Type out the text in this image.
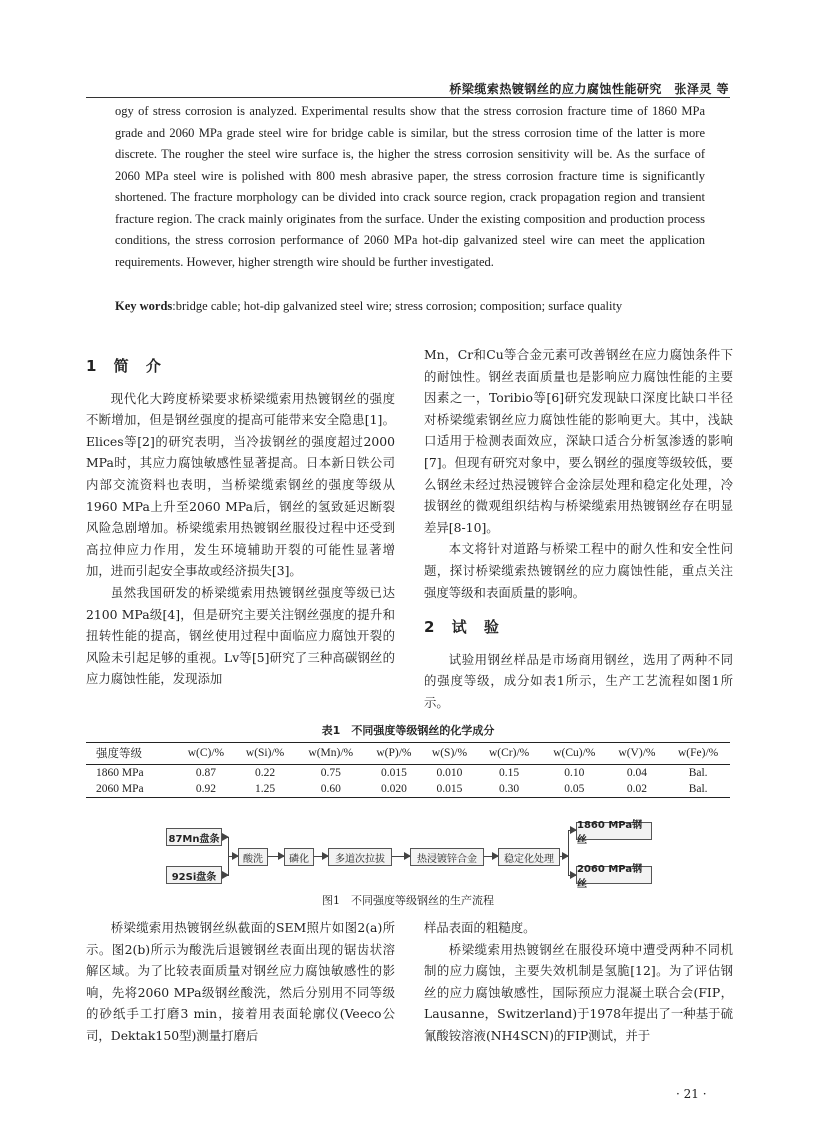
桥梁缆索热镀钢丝的应力腐蚀性能研究　张泽灵 等
ogy of stress corrosion is analyzed. Experimental results show that the stress corrosion fracture time of 1860 MPa grade and 2060 MPa grade steel wire for bridge cable is similar, but the stress corrosion time of the latter is more discrete. The rougher the steel wire surface is, the higher the stress corrosion sensitivity will be. As the surface of 2060 MPa steel wire is polished with 800 mesh abrasive paper, the stress corrosion fracture time is significantly shortened. The fracture morphology can be divided into crack source region, crack propagation region and transient fracture region. The crack mainly originates from the surface. Under the existing composition and production process conditions, the stress corrosion performance of 2060 MPa hot-dip galvanized steel wire can meet the application requirements. However, higher strength wire should be further investigated.
Key words:bridge cable; hot-dip galvanized steel wire; stress corrosion; composition; surface quality
1 简 介

现代化大跨度桥梁要求桥梁缆索用热镀钢丝的强度不断增加，但是钢丝强度的提高可能带来安全隐患[1]。Elices等[2]的研究表明，当冷拔钢丝的强度超过2000 MPa时，其应力腐蚀敏感性显著提高。日本新日铁公司内部交流资料也表明，当桥梁缆索钢丝的强度等级从1960 MPa上升至2060 MPa后，钢丝的氢致延迟断裂风险急剧增加。桥梁缆索用热镀钢丝服役过程中还受到高拉伸应力作用，发生环境辅助开裂的可能性显著增加，进而引起安全事故或经济损失[3]。

虽然我国研发的桥梁缆索用热镀钢丝强度等级已达2100 MPa级[4]，但是研究主要关注钢丝强度的提升和扭转性能的提高，钢丝使用过程中面临应力腐蚀开裂的风险未引起足够的重视。Lv等[5]研究了三种高碳钢丝的应力腐蚀性能，发现添加

Mn，Cr和Cu等合金元素可改善钢丝在应力腐蚀条件下的耐蚀性。钢丝表面质量也是影响应力腐蚀性能的主要因素之一，Toribio等[6]研究发现缺口深度比缺口半径对桥梁缆索钢丝应力腐蚀性能的影响更大。其中，浅缺口适用于检测表面效应，深缺口适合分析氢渗透的影响[7]。但现有研究对象中，要么钢丝的强度等级较低，要么钢丝未经过热浸镀锌合金涂层处理和稳定化处理，冷拔钢丝的微观组织结构与桥梁缆索用热镀钢丝存在明显差异[8-10]。

本文将针对道路与桥梁工程中的耐久性和安全性问题，探讨桥梁缆索热镀钢丝的应力腐蚀性能，重点关注强度等级和表面质量的影响。

2 试 验

试验用钢丝样品是市场商用钢丝，选用了两种不同的强度等级，成分如表1所示，生产工艺流程如图1所示。

表1　不同强度等级钢丝的化学成分
强度等级	w(C)/%	w(Si)/%	w(Mn)/%	w(P)/%	w(S)/%	w(Cr)/%	w(Cu)/%	w(V)/%	w(Fe)/%
1860 MPa	0.87	0.22	0.75	0.015	0.010	0.15	0.10	0.04	Bal.
2060 MPa	0.92	1.25	0.60	0.020	0.015	0.30	0.05	0.02	Bal.
87Mn盘条
92Si盘条
酸洗	磷化	多道次拉拔	热浸镀锌合金	稳定化处理
1860 MPa钢丝
2060 MPa钢丝
图1　不同强度等级钢丝的生产流程

桥梁缆索用热镀钢丝纵截面的SEM照片如图2(a)所示。图2(b)所示为酸洗后退镀钢丝表面出现的锯齿状溶解区域。为了比较表面质量对钢丝应力腐蚀敏感性的影响，先将2060 MPa级钢丝酸洗，然后分别用不同等级的砂纸手工打磨3 min，接着用表面轮廓仪(Veeco公司，Dektak150型)测量打磨后

样品表面的粗糙度。

桥梁缆索用热镀钢丝在服役环境中遭受两种不同机制的应力腐蚀，主要失效机制是氢脆[12]。为了评估钢丝的应力腐蚀敏感性，国际预应力混凝土联合会(FIP，Lausanne，Switzerland)于1978年提出了一种基于硫氰酸铵溶液(NH4SCN)的FIP测试，并于

· 21 ·
